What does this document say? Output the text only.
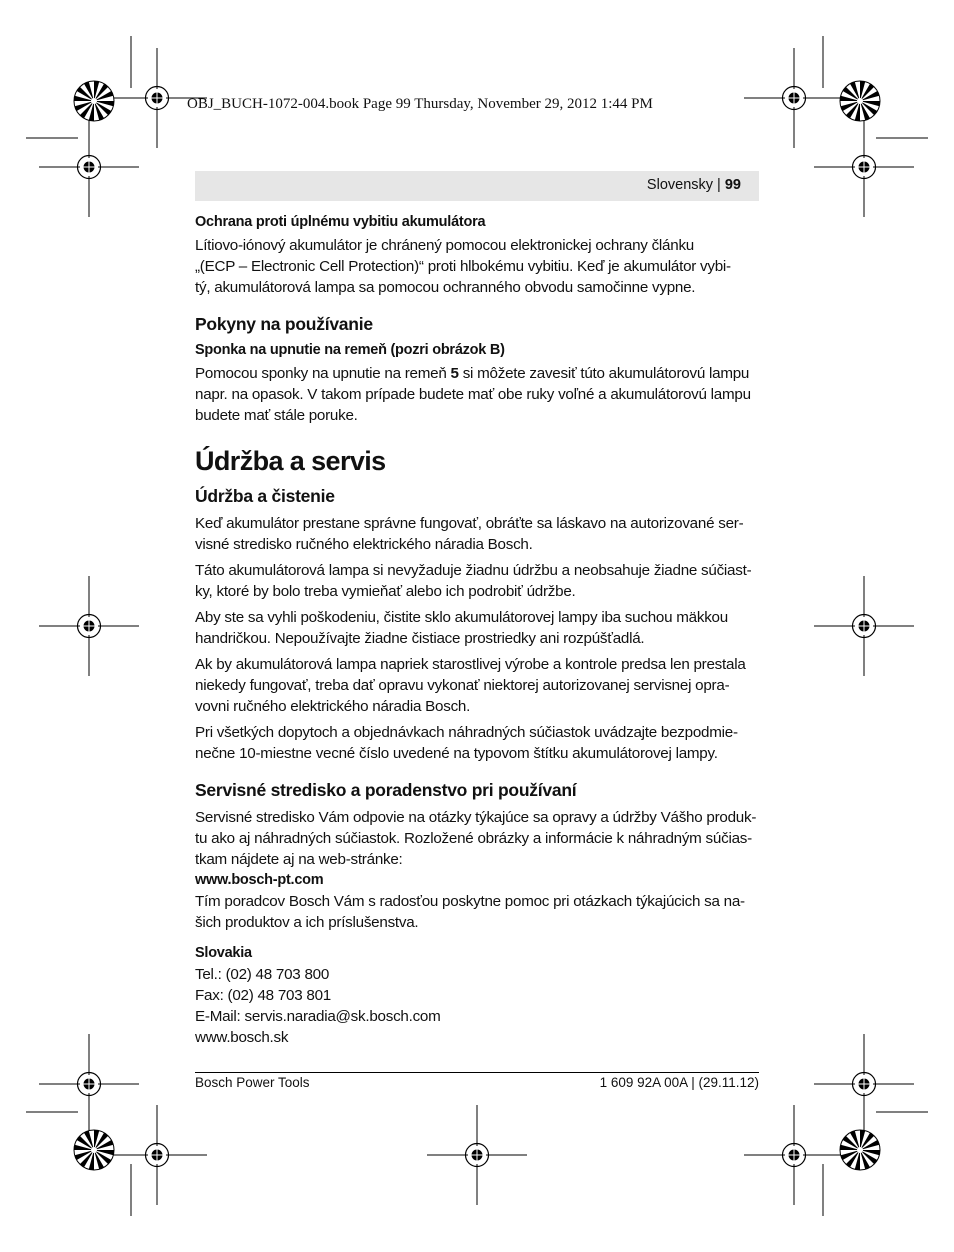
OBJ_BUCH-1072-004.book Page 99 Thursday, November 29, 2012 1:44 PM
Slovensky | 99

Ochrana proti úplnému vybitiu akumulátora

Lítiovo-iónový akumulátor je chránený pomocou elektronickej ochrany článku
„(ECP – Electronic Cell Protection)“ proti hlbokému vybitiu. Keď je akumulátor vybi-
tý, akumulátorová lampa sa pomocou ochranného obvodu samočinne vypne.

Pokyny na používanie

Sponka na upnutie na remeň (pozri obrázok B)

Pomocou sponky na upnutie na remeň 5 si môžete zavesiť túto akumulátorovú lampu
napr. na opasok. V takom prípade budete mať obe ruky voľné a akumulátorovú lampu
budete mať stále poruke.

Údržba a servis

Údržba a čistenie

Keď akumulátor prestane správne fungovať, obráťte sa láskavo na autorizované ser-
visné stredisko ručného elektrického náradia Bosch.

Táto akumulátorová lampa si nevyžaduje žiadnu údržbu a neobsahuje žiadne súčiast-
ky, ktoré by bolo treba vymieňať alebo ich podrobiť údržbe.

Aby ste sa vyhli poškodeniu, čistite sklo akumulátorovej lampy iba suchou mäkkou
handričkou. Nepoužívajte žiadne čistiace prostriedky ani rozpúšťadlá.

Ak by akumulátorová lampa napriek starostlivej výrobe a kontrole predsa len prestala
niekedy fungovať, treba dať opravu vykonať niektorej autorizovanej servisnej opra-
vovni ručného elektrického náradia Bosch.

Pri všetkých dopytoch a objednávkach náhradných súčiastok uvádzajte bezpodmie-
nečne 10-miestne vecné číslo uvedené na typovom štítku akumulátorovej lampy.

Servisné stredisko a poradenstvo pri používaní

Servisné stredisko Vám odpovie na otázky týkajúce sa opravy a údržby Vášho produk-
tu ako aj náhradných súčiastok. Rozložené obrázky a informácie k náhradným súčias-
tkam nájdete aj na web-stránke:

www.bosch-pt.com

Tím poradcov Bosch Vám s radosťou poskytne pomoc pri otázkach týkajúcich sa na-
šich produktov a ich príslušenstva.

Slovakia

Tel.: (02) 48 703 800
Fax: (02) 48 703 801
E-Mail: servis.naradia@sk.bosch.com
www.bosch.sk

Bosch Power Tools	1 609 92A 00A | (29.11.12)
